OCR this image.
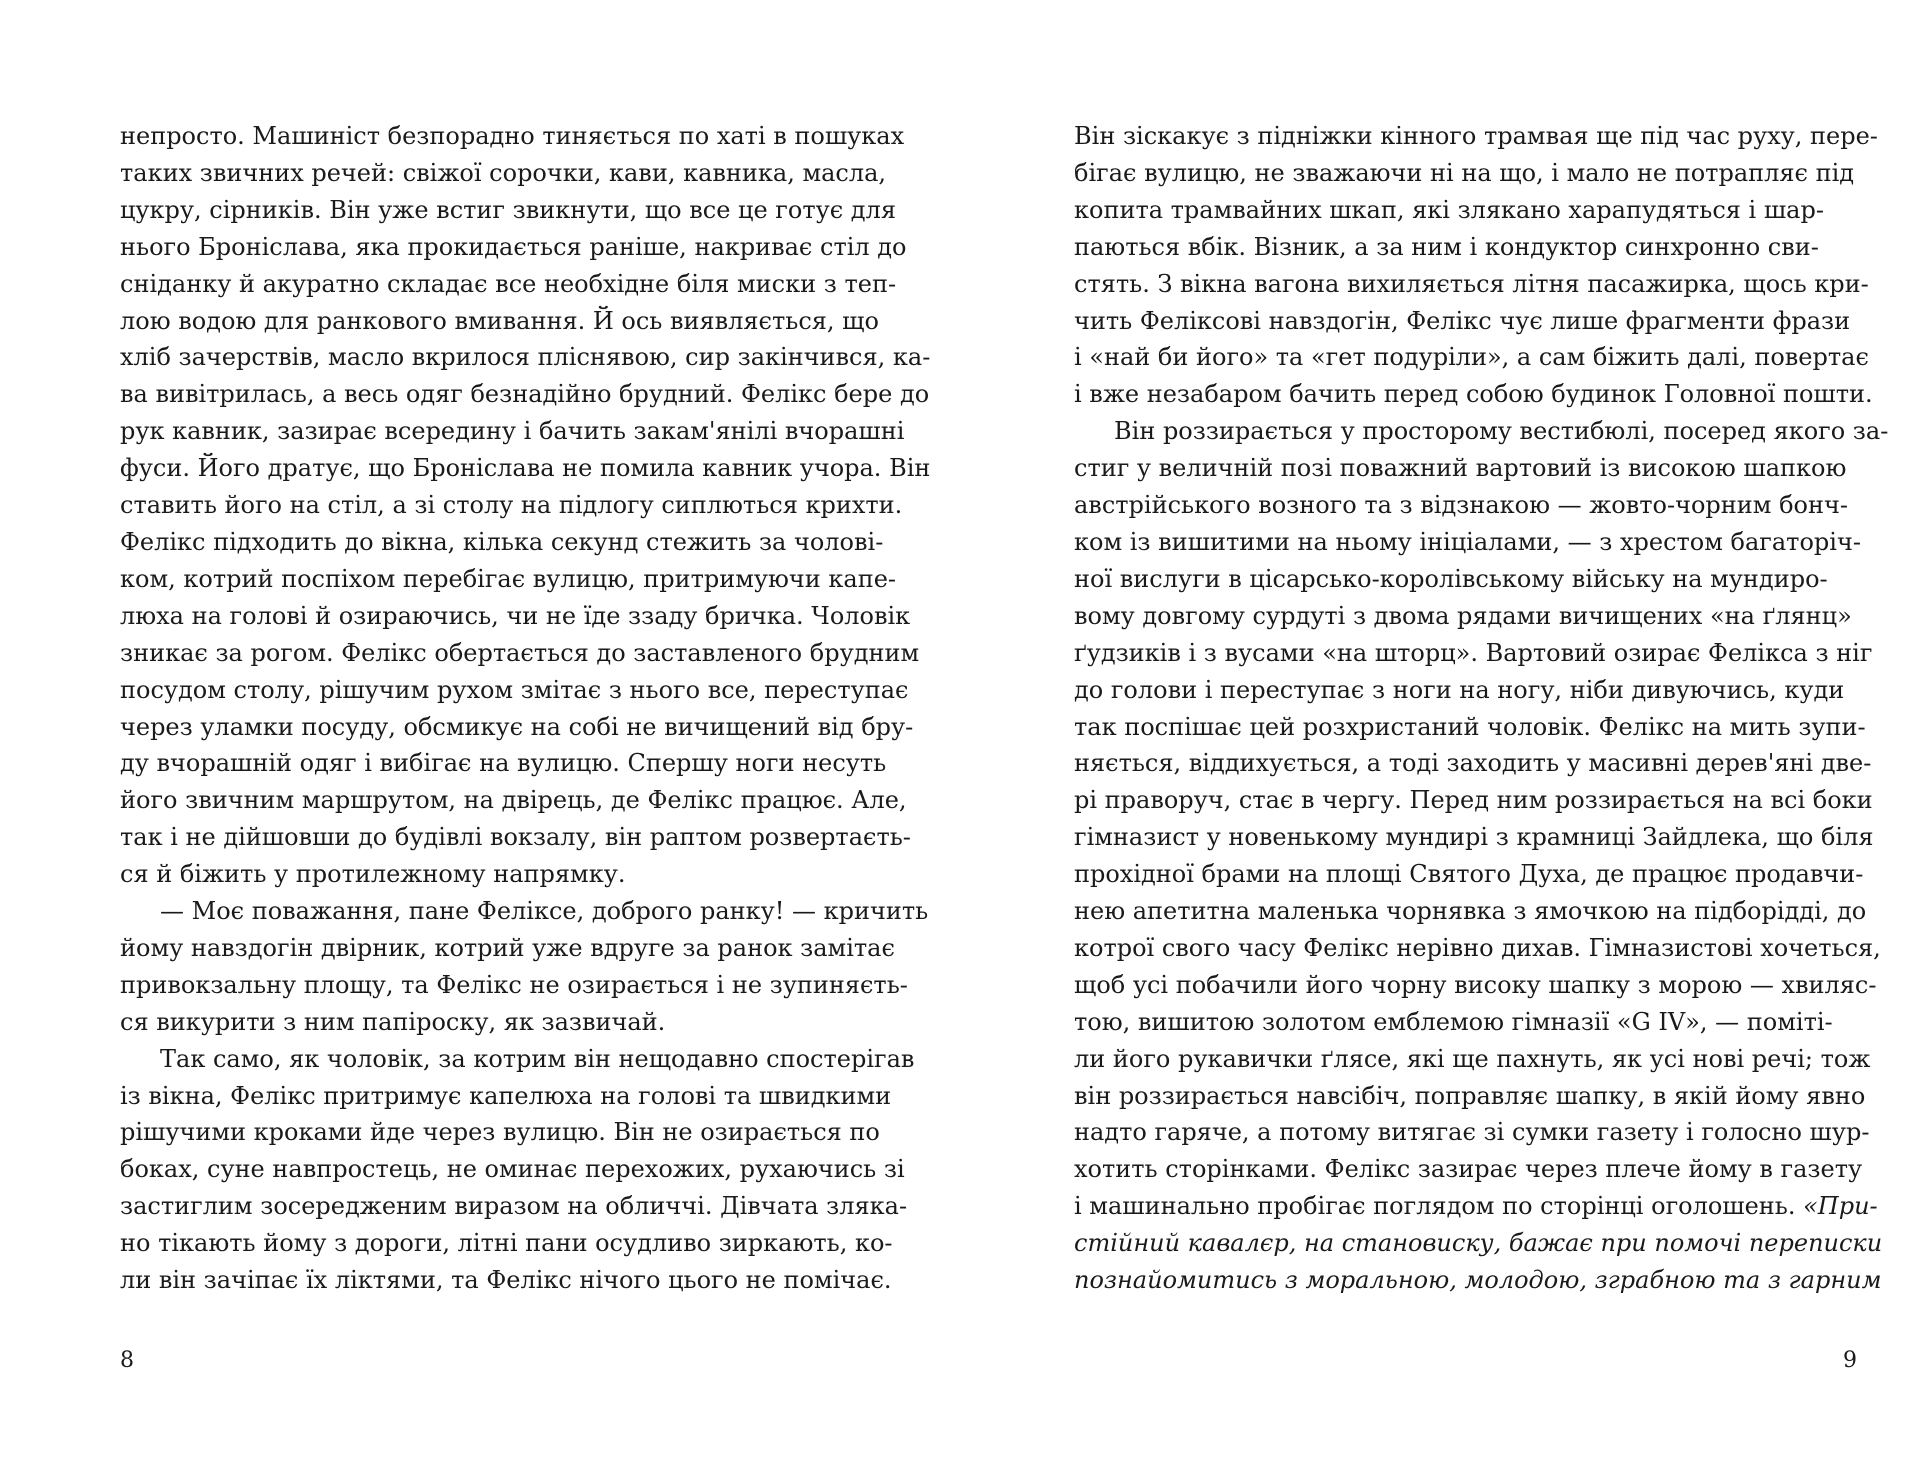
непросто. Машиніст безпорадно тиняється по хаті в пошуках
таких звичних речей: свіжої сорочки, кави, кавника, масла,
цукру, сірників. Він уже встиг звикнути, що все це готує для
нього Броніслава, яка прокидається раніше, накриває стіл до
сніданку й акуратно складає все необхідне біля миски з теп-
лою водою для ранкового вмивання. Й ось виявляється, що
хліб зачерствів, масло вкрилося пліснявою, сир закінчився, ка-
ва вивітрилась, а весь одяг безнадійно брудний. Фелікс бере до
рук кавник, зазирає всередину і бачить закам'янілі вчорашні
фуси. Його дратує, що Броніслава не помила кавник учора. Він
ставить його на стіл, а зі столу на підлогу сиплються крихти.
Фелікс підходить до вікна, кілька секунд стежить за чолові-
ком, котрий поспіхом перебігає вулицю, притримуючи капе-
люха на голові й озираючись, чи не їде ззаду бричка. Чоловік
зникає за рогом. Фелікс обертається до заставленого брудним
посудом столу, рішучим рухом змітає з нього все, переступає
через уламки посуду, обсмикує на собі не вичищений від бру-
ду вчорашній одяг і вибігає на вулицю. Спершу ноги несуть
його звичним маршрутом, на двірець, де Фелікс працює. Але,
так і не дійшовши до будівлі вокзалу, він раптом розвертаєть-
ся й біжить у протилежному напрямку.

— Моє поважання, пане Феліксе, доброго ранку! — кричить
йому навздогін двірник, котрий уже вдруге за ранок замітає
привокзальну площу, та Фелікс не озирається і не зупиняєть-
ся викурити з ним папіроску, як зазвичай.

Так само, як чоловік, за котрим він нещодавно спостерігав
із вікна, Фелікс притримує капелюха на голові та швидкими
рішучими кроками йде через вулицю. Він не озирається по
боках, суне навпростець, не оминає перехожих, рухаючись зі
застиглим зосередженим виразом на обличчі. Дівчата зляка-
но тікають йому з дороги, літні пани осудливо зиркають, ко-
ли він зачіпає їх ліктями, та Фелікс нічого цього не помічає.

8

Він зіскакує з підніжки кінного трамвая ще під час руху, пере-
бігає вулицю, не зважаючи ні на що, і мало не потрапляє під
копита трамвайних шкап, які злякано харапудяться і шар-
паються вбік. Візник, а за ним і кондуктор синхронно сви-
стять. З вікна вагона вихиляється літня пасажирка, щось кри-
чить Феліксові навздогін, Фелікс чує лише фрагменти фрази
і «най би його» та «гет подуріли», а сам біжить далі, повертає
і вже незабаром бачить перед собою будинок Головної пошти.

Він роззирається у просторому вестибюлі, посеред якого за-
стиг у величній позі поважний вартовий із високою шапкою
австрійського возного та з відзнакою — жовто-чорним бонч-
ком із вишитими на ньому ініціалами, — з хрестом багаторіч-
ної вислуги в цісарсько-королівському війську на мундиро-
вому довгому сурдуті з двома рядами вичищених «на ґлянц»
ґудзиків і з вусами «на шторц». Вартовий озирає Фелікса з ніг
до голови і переступає з ноги на ногу, ніби дивуючись, куди
так поспішає цей розхристаний чоловік. Фелікс на мить зупи-
няється, віддихується, а тоді заходить у масивні дерев'яні две-
рі праворуч, стає в чергу. Перед ним роззирається на всі боки
гімназист у новенькому мундирі з крамниці Зайдлека, що біля
прохідної брами на площі Святого Духа, де працює продавчи-
нею апетитна маленька чорнявка з ямочкою на підборідді, до
котрої свого часу Фелікс нерівно дихав. Гімназистові хочеться,
щоб усі побачили його чорну високу шапку з морою — хвиляс-
тою, вишитою золотом емблемою гімназії «G IV», — поміті-
ли його рукавички ґлясе, які ще пахнуть, як усі нові речі; тож
він роззирається навсібіч, поправляє шапку, в якій йому явно
надто гаряче, а потому витягає зі сумки газету і голосно шур-
хотить сторінками. Фелікс зазирає через плече йому в газету
і машинально пробігає поглядом по сторінці оголошень. «При-
стійний кавалєр, на становиску, бажає при помочі переписки
познайомитись з моральною, молодою, зграбною та з гарним

9
